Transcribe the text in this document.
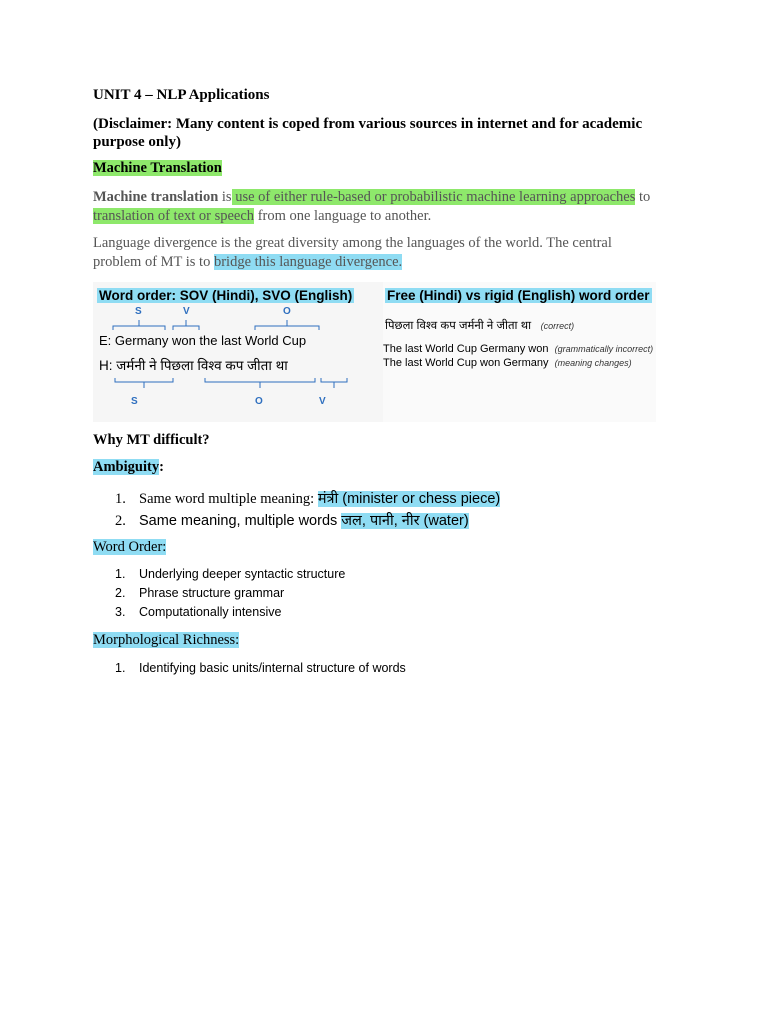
UNIT 4 – NLP Applications
(Disclaimer: Many content is coped from various sources in internet and for academic purpose only)
Machine Translation
Machine translation is use of either rule-based or probabilistic machine learning approaches to translation of text or speech from one language to another.
Language divergence is the great diversity among the languages of the world. The central problem of MT is to bridge this language divergence.
Word order: SOV (Hindi), SVO (English)
S	V	O
E: Germany won the last World Cup
H: जर्मनी ने पिछला विश्व कप जीता था
S	O	V
Free (Hindi) vs rigid (English) word order
पिछला विश्व कप जर्मनी ने जीता था (correct)
The last World Cup Germany won (grammatically incorrect)
The last World Cup won Germany (meaning changes)
Why MT difficult?
Ambiguity:
1. Same word multiple meaning: मंत्री (minister or chess piece)
2. Same meaning, multiple words जल, पानी, नीर (water)
Word Order:
1. Underlying deeper syntactic structure
2. Phrase structure grammar
3. Computationally intensive
Morphological Richness:
1. Identifying basic units/internal structure of words
